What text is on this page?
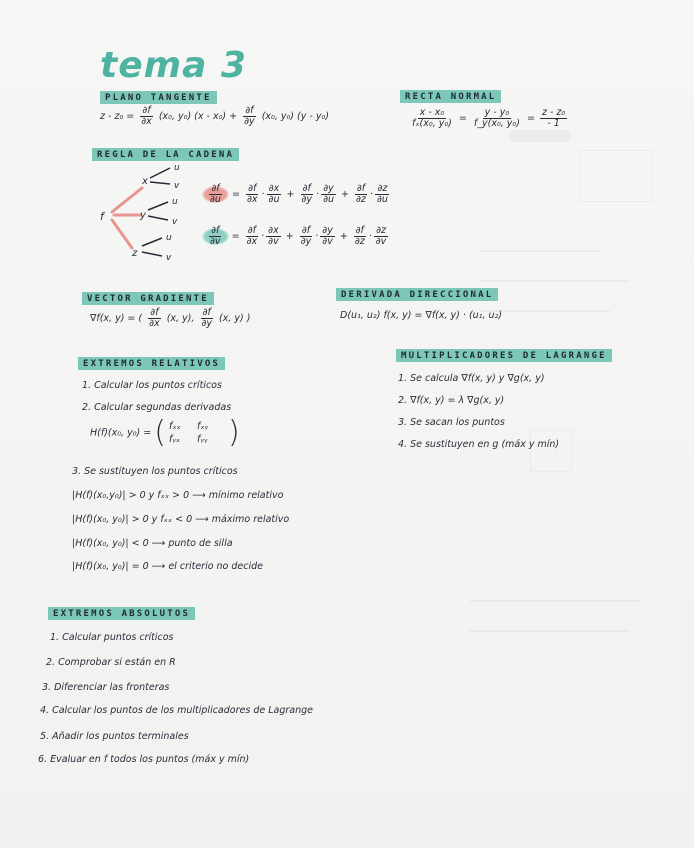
tema 3
PLANO TANGENTE
$z - z_0 = \frac{\partial f}{\partial x} (x_0$, y₀) $(x - x_0) + \frac{\partial f}{\partial y} (x_0$, y₀) (y - y₀)
RECTA NORMAL
$\frac{\text{x - x₀}}{\text{fₓ(x₀, y₀)}} = \frac{\text{y - y₀}}{\text{f\_y(x₀, y₀)}} = \frac{\text{z - z₀}}{- 1}$
REGLA DE LA CADENA
f
x
y
z
u
v
u
v
u
v
$\frac{\partial f}{\partial u} = \frac{\partial f}{\partial x} \cdot \frac{\partial x}{\partial u} + \frac{\partial f}{\partial y} \cdot \frac{\partial y}{\partial u} + \frac{\partial f}{\partial z} \cdot \frac{\partial z}{\partial u}$
$\frac{\partial f}{\partial v} = \frac{\partial f}{\partial x} \cdot \frac{\partial x}{\partial v} + \frac{\partial f}{\partial y} \cdot \frac{\partial y}{\partial v} + \frac{\partial f}{\partial z} \cdot \frac{\partial z}{\partial v}$
VECTOR GRADIENTE
∇f(x, y) = ( $\frac{\partial f}{\partial x} (x$, y), $\frac{\partial f}{\partial y} (x$, y) )
DERIVADA DIRECCIONAL
D(u₁, u₂) f(x, y) = ∇f(x, y) · (u₁, u₂)
EXTREMOS RELATIVOS
1. Calcular los puntos críticos
2. Calcular segundas derivadas
H(f)(x₀, y₀) = ( fₓₓ	fₓᵧ
fᵧₓ	fᵧᵧ )
3. Se sustituyen los puntos críticos
|H(f)(x₀,y₀)| > 0 y fₓₓ > 0 ⟶ mínimo relativo
|H(f)(x₀, y₀)| > 0 y fₓₓ < 0 ⟶ máximo relativo
|H(f)(x₀, y₀)| < 0 ⟶ punto de silla
|H(f)(x₀, y₀)| = 0 ⟶ el criterio no decide
MULTIPLICADORES DE LAGRANGE
1. Se calcula ∇f(x, y) y ∇g(x, y)
2. ∇f(x, y) = λ ∇g(x, y)
3. Se sacan los puntos
4. Se sustituyen en g (máx y mín)
EXTREMOS ABSOLUTOS
1. Calcular puntos críticos
2. Comprobar si están en R
3. Diferenciar las fronteras
4. Calcular los puntos de los multiplicadores de Lagrange
5. Añadir los puntos terminales
6. Evaluar en f todos los puntos (máx y mín)
